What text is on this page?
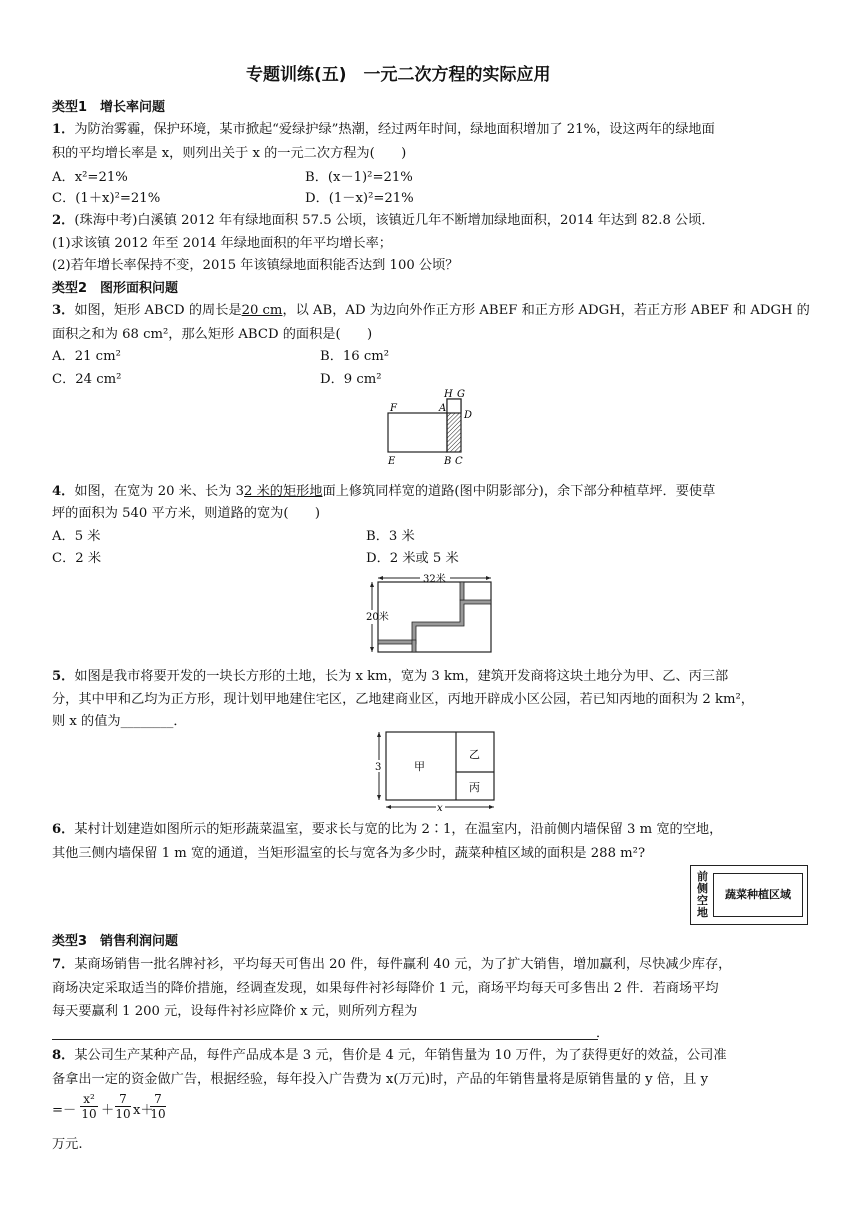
专题训练(五)　一元二次方程的实际应用
类型1　增长率问题
1．为防治雾霾，保护环境，某市掀起“爱绿护绿”热潮，经过两年时间，绿地面积增加了 21%，设这两年的绿地面
积的平均增长率是 x，则列出关于 x 的一元二次方程为(　　)
A．x²=21%	B．(x－1)²=21%
C．(1＋x)²=21%	D．(1－x)²=21%
2．(珠海中考)白溪镇 2012 年有绿地面积 57.5 公顷，该镇近几年不断增加绿地面积，2014 年达到 82.8 公顷．
(1)求该镇 2012 年至 2014 年绿地面积的年平均增长率；
(2)若年增长率保持不变，2015 年该镇绿地面积能否达到 100 公顷？
类型2　图形面积问题
3．如图，矩形 ABCD 的周长是20 cm，以 AB，AD 为边向外作正方形 ABEF 和正方形 ADGH，若正方形 ABEF 和 ADGH 的
面积之和为 68 cm²，那么矩形 ABCD 的面积是(　　)
A．21 cm²	B．16 cm²
C．24 cm²	D．9 cm²
H G
F	A
D
E	B C
4．如图，在宽为 20 米、长为 32 米的矩形地面上修筑同样宽的道路(图中阴影部分)，余下部分种植草坪．要使草
坪的面积为 540 平方米，则道路的宽为(　　)
A．5 米	B．3 米
C．2 米	D．2 米或 5 米
32米
20米
5．如图是我市将要开发的一块长方形的土地，长为 x km，宽为 3 km，建筑开发商将这块土地分为甲、乙、丙三部
分，其中甲和乙均为正方形，现计划甲地建住宅区，乙地建商业区，丙地开辟成小区公园，若已知丙地的面积为 2 km²，
则 x 的值为________．
甲
乙
丙
3
x
6．某村计划建造如图所示的矩形蔬菜温室，要求长与宽的比为 2∶1，在温室内，沿前侧内墙保留 3 m 宽的空地，
其他三侧内墙保留 1 m 宽的通道，当矩形温室的长与宽各为多少时，蔬菜种植区域的面积是 288 m²?
前侧空地
蔬菜种植区域
类型3　销售利润问题
7．某商场销售一批名牌衬衫，平均每天可售出 20 件，每件赢利 40 元，为了扩大销售，增加赢利，尽快减少库存，
商场决定采取适当的降价措施，经调查发现，如果每件衬衫每降价 1 元，商场平均每天可多售出 2 件．若商场平均
每天要赢利 1 200 元，设每件衬衫应降价 x 元，则所列方程为
．
8．某公司生产某种产品，每件产品成本是 3 元，售价是 4 元，年销售量为 10 万件，为了获得更好的效益，公司准
备拿出一定的资金做广告，根据经验，每年投入广告费为 x(万元)时，产品的年销售量将是原销售量的 y 倍，且 y
=－ $\frac{\text{x²}}{10} + \frac{7}{10} x+$
$\frac{7}{10}$
万元.
